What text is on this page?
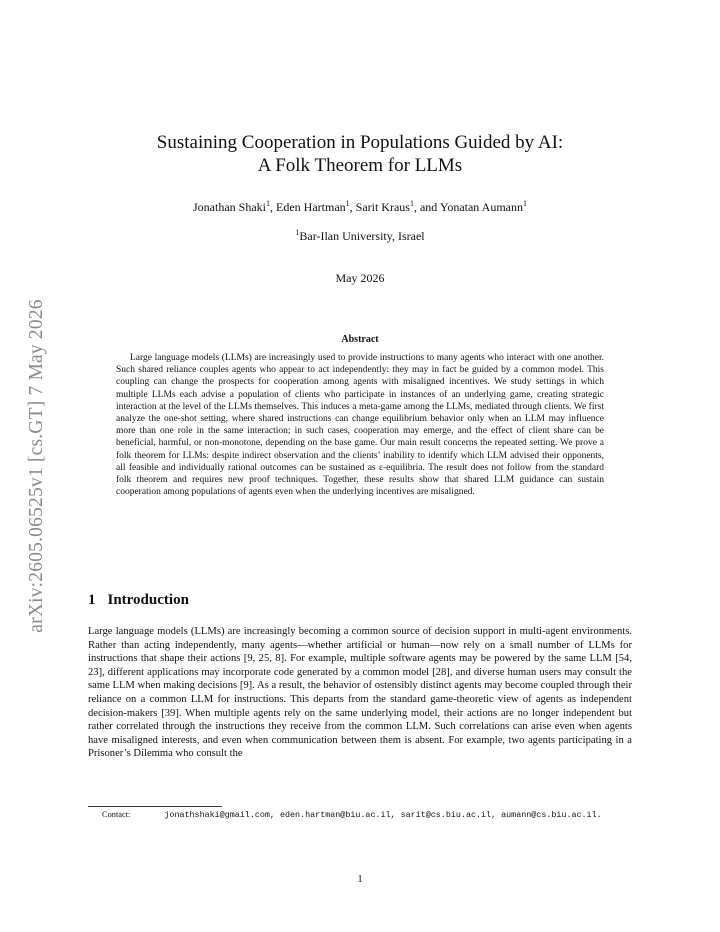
arXiv:2605.06525v1 [cs.GT] 7 May 2026
Sustaining Cooperation in Populations Guided by AI:
A Folk Theorem for LLMs
Jonathan Shaki$^1$, Eden Hartman$^1$, Sarit Kraus$^1$, and Yonatan Aumann$^1$
$^1$Bar-Ilan University, Israel
May 2026
Abstract

Large language models (LLMs) are increasingly used to provide instructions to many agents who interact with one another. Such shared reliance couples agents who appear to act independently: they may in fact be guided by a common model. This coupling can change the prospects for cooperation among agents with misaligned incentives. We study settings in which multiple LLMs each advise a population of clients who participate in instances of an underlying game, creating strategic interaction at the level of the LLMs themselves. This induces a meta-game among the LLMs, mediated through clients. We first analyze the one-shot setting, where shared instructions can change equilibrium behavior only when an LLM may influence more than one role in the same interaction; in such cases, cooperation may emerge, and the effect of client share can be beneficial, harmful, or non-monotone, depending on the base game. Our main result concerns the repeated setting. We prove a folk theorem for LLMs: despite indirect observation and the clients’ inability to identify which LLM advised their opponents, all feasible and individually rational outcomes can be sustained as ε-equilibria. The result does not follow from the standard folk theorem and requires new proof techniques. Together, these results show that shared LLM guidance can sustain cooperation among populations of agents even when the underlying incentives are misaligned.

1 Introduction

Large language models (LLMs) are increasingly becoming a common source of decision support in multi-agent environments. Rather than acting independently, many agents—whether artificial or human—now rely on a small number of LLMs for instructions that shape their actions [9, 25, 8]. For example, multiple software agents may be powered by the same LLM [54, 23], different applications may incorporate code generated by a common model [28], and diverse human users may consult the same LLM when making decisions [9]. As a result, the behavior of ostensibly distinct agents may become coupled through their reliance on a common LLM for instructions. This departs from the standard game-theoretic view of agents as independent decision-makers [39]. When multiple agents rely on the same underlying model, their actions are no longer independent but rather correlated through the instructions they receive from the common LLM. Such correlations can arise even when agents have misaligned interests, and even when communication between them is absent. For example, two agents participating in a Prisoner’s Dilemma who consult the

Contact:	jonathshaki@gmail.com, eden.hartman@biu.ac.il, sarit@cs.biu.ac.il, aumann@cs.biu.ac.il.

1
